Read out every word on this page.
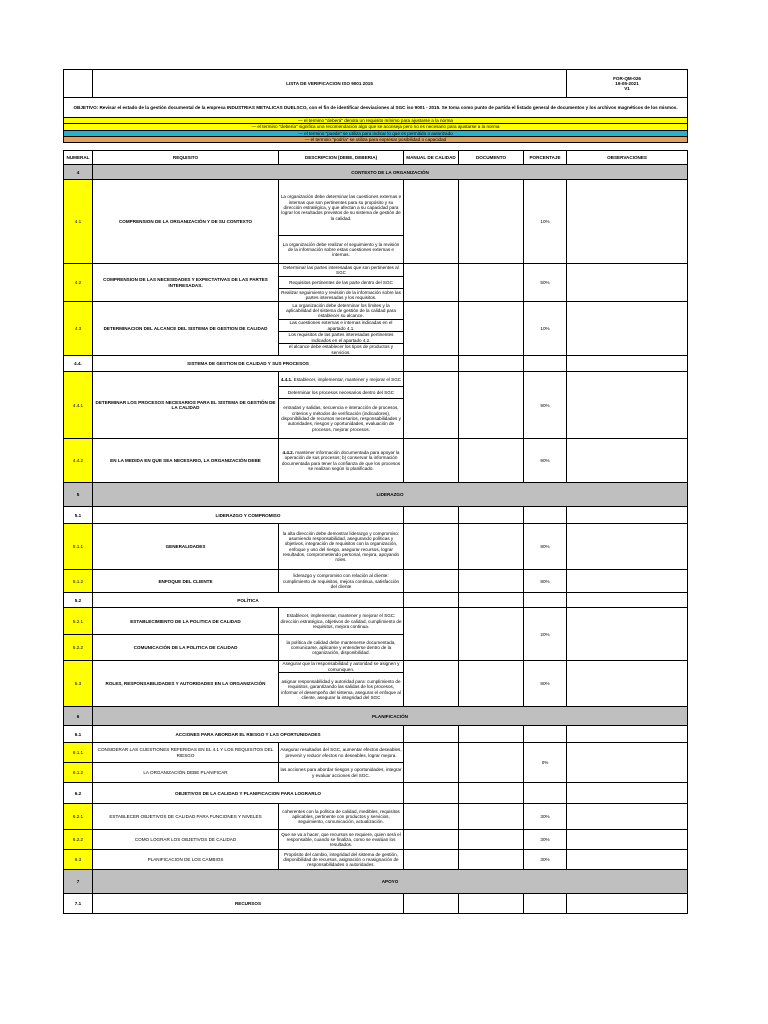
	LISTA DE VERIFICACION ISO 9001 2015					FOR-QM-026
16-05-2021
V1

OBJETIVO: Revisar el estado de la gestión documental de la empresa INDUSTRIAS METALICAS DUELSCO, con el fin de identificar desviaciones al SGC iso 9001 - 2015. Se toma como punto de partida el listado general de documentos y los archivos magnéticos de los mismos.						
— el termino "deberá" denota un requisito mínimo para ajustarse a la norma						
— el termino "debería" significa una recomendación algo que se aconseja pero no es necesario para ajustarse a la norma						
— el termino "puede" se utiliza para indicar lo que es permitido o autorizado						
— el termino "podría" se utiliza para expresar posibilidad o capacidad						

NUMERAL	REQUISITO	DESCRIPCION (DEBE, DEBERIA)	MANUAL DE CALIDAD	DOCUMENTO	PORCENTAJE	OBSERVACIONES
4	CONTEXTO DE LA ORGANIZACIÓN					
4.1	COMPRENSION DE LA ORGANIZACIÓN Y DE SU CONTEXTO	La organización debe determinar las cuestiones externas e internas que son pertinentes para su propósito y su dirección estratégica, y que afectan a su capacidad para lograr los resultados previstos de su sistema de gestión de la calidad.			10%	
		La organización debe realizar el seguimiento y la revisión de la información sobre estas cuestiones externas e internas.				
4.2	COMPRENSION DE LAS NECESIDADES Y EXPECTATIVAS DE LAS PARTES INTERESADAS.	Determinar las partes interesadas que son pertinentes al SGC			50%	
		Requisitos pertinentes de las parte dentro del SGC				
		Realizar seguimiento y revisión de la información sobre las partes interesadas y los requisitos.				
4.3	DETERMINACION DEL ALCANCE DEL SISTEMA DE GESTION DE CALIDAD	La organización debe determinar los límites y la aplicabilidad del sistema de gestión de la calidad para establecer su alcance.			10%	
		Las cuestiones externas e internas indicadas en el apartado 4.1.				
		Los requisitos de las partes interesadas pertinentes indicados en el apartado 4.2.				
		el alcance debe establecer los tipos de productos y servicios.				
4.4.	SISTEMA DE GESTION DE CALIDAD Y SUS PROCESOS					
4.4.1	DETERMINAR LOS PROCESOS NECESARIOS PARA EL SISTEMA DE GESTIÓN DE LA CALIDAD	4.4.1. Establecer, implementar, mantener y mejorar el SGC			90%	
		Determinar los procesos necesarios dentro del SGC				
		entradas y salidas, secuencia e interacción de procesos, criterios y métodos de verificación (indicadores), disponibilidad de recursos necesarios, responsabilidades y autoridades, riesgos y oportunidades, evaluación de procesos, mejorar procesos.				
4.4.2	EN LA MEDIDA EN QUE SEA NECESARIO, LA ORGANIZACIÓN DEBE	4.4.2. mantener información documentada para apoyar la operación de sus procesos; b) conservar la información documentada para tener la confianza de que los procesos se realizan según lo planificado.			90%	
5	LIDERAZGO					
5.1	LIDERAZGO Y COMPROMISO					
5.1.1	GENERALIDADES	la alta dirección debe demostrar liderazgo y compromiso: asumiendo responsabilidad, asegurando políticas y objetivos, integración de requisitos con la organización, enfoque y uso del riesgo, asegurar recursos, lograr resultados, comprometiendo personal, mejora, apoyando roles.			80%	
5.1.2	ENFOQUE DEL CLIENTE	liderazgo y compromiso con relación al cliente: cumplimiento de requisitos, mejora continua, satisfacción del cliente			80%	
5.2	POLÍTICA					
5.2.1	ESTABLECIMIENTO DE LA POLITICA DE CALIDAD	Establecer, implementar, mantener y mejorar el SGC: dirección estratégica, objetivos de calidad, cumplimiento de requisitos, mejora continua.			20%	
5.2.2	COMUNICACIÓN DE LA POLITICA DE CALIDAD	la política de calidad debe mantenerse documentada, comunicarse, aplicarse y entenderse dentro de la organización, disponibilidad.				
5.3	ROLES, RESPONSABILIDADES Y AUTORIDADES EN LA ORGANIZACIÓN	Asegurar que la responsabilidad y autoridad se asignen y comuniquen.			80%	
		asignar responsabilidad y autoridad para: cumplimiento de requisitos, garantizando las salidas de los procesos, informar el desempeño del sistema, asegurar el enfoque al cliente, asegurar la integridad del SGC				
6	PLANIFICACIÓN					
6.1	ACCIONES PARA ABORDAR EL RIESGO Y LAS OPORTUNIDADES					
6.1.1	CONSIDERAR LAS CUESTIONES REFERIDAS EN EL 4.1 Y LOS REQUISITOS DEL RIESGO	Asegurar resultados del SGC, aumentar efectos deseables, prevenir y reducir efectos no deseables, lograr mejora.			0%	
6.1.2	LA ORGANIZACIÓN DEBE PLANIFICAR	las acciones para abordar riesgos y oportunidades, integrar y evaluar acciones del SGC.				
6.2	OBJETIVOS DE LA CALIDAD Y PLANIFICACION PARA LOGRARLO					
6.2.1	ESTABLECER OBJETIVOS DE CALIDAD PARA FUNCIONES Y NIVELES	coherentes con la política de calidad, medibles, requisitos aplicables, pertinente con productos y servicios, seguimiento, comunicación, actualización.			30%	
6.2.2	COMO LOGRAR LOS OBJETIVOS DE CALIDAD	Que se va a hacer, que recursos se requiere, quien será el responsable, cuando se finaliza, como se evalúan los resultados.			30%	
6.3	PLANIFICACION DE LOS CAMBIOS	Propósito del cambio, integridad del sistema de gestión, disponibilidad de recursos, asignación o reasignación de responsabilidades o autoridades.			30%	
7	APOYO					
7.1	RECURSOS					
